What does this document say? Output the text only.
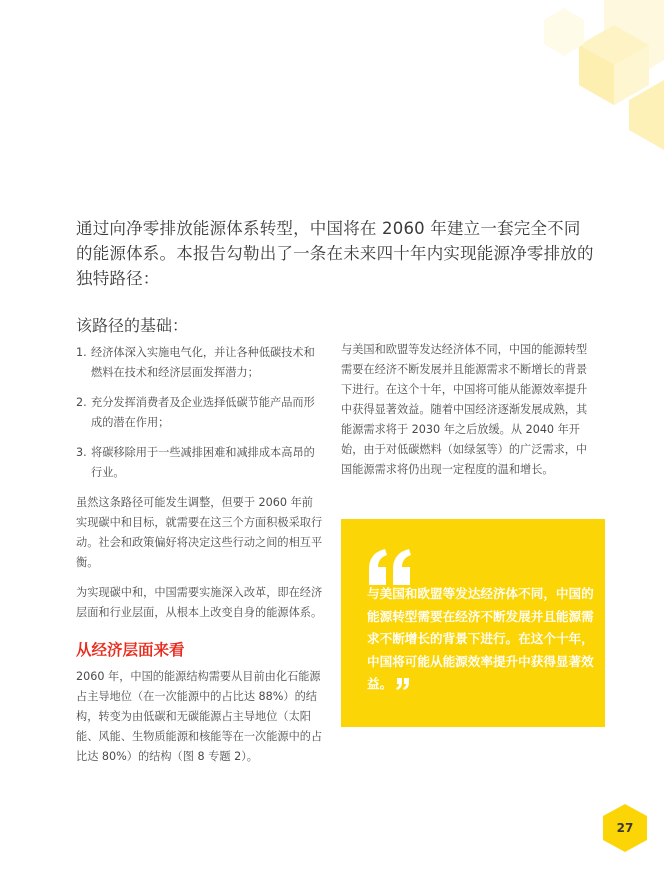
通过向净零排放能源体系转型，中国将在 2060 年建立一套完全不同的能源体系。本报告勾勒出了一条在未来四十年内实现能源净零排放的独特路径：
该路径的基础：
1. 经济体深入实施电气化，并让各种低碳技术和燃料在技术和经济层面发挥潜力；
2. 充分发挥消费者及企业选择低碳节能产品而形成的潜在作用；
3. 将碳移除用于一些减排困难和减排成本高昂的行业。

虽然这条路径可能发生调整，但要于 2060 年前实现碳中和目标，就需要在这三个方面积极采取行动。社会和政策偏好将决定这些行动之间的相互平衡。

为实现碳中和，中国需要实施深入改革，即在经济层面和行业层面，从根本上改变自身的能源体系。

从经济层面来看

2060 年，中国的能源结构需要从目前由化石能源占主导地位（在一次能源中的占比达 88%）的结构，转变为由低碳和无碳能源占主导地位（太阳能、风能、生物质能源和核能等在一次能源中的占比达 80%）的结构（图 8 专题 2）。

与美国和欧盟等发达经济体不同，中国的能源转型需要在经济不断发展并且能源需求不断增长的背景下进行。在这个十年，中国将可能从能源效率提升中获得显著效益。随着中国经济逐渐发展成熟，其能源需求将于 2030 年之后放缓。从 2040 年开始，由于对低碳燃料（如绿氢等）的广泛需求，中国能源需求将仍出现一定程度的温和增长。
与美国和欧盟等发达经济体不同，中国的能源转型需要在经济不断发展并且能源需求不断增长的背景下进行。在这个十年，中国将可能从能源效率提升中获得显著效益。
27
